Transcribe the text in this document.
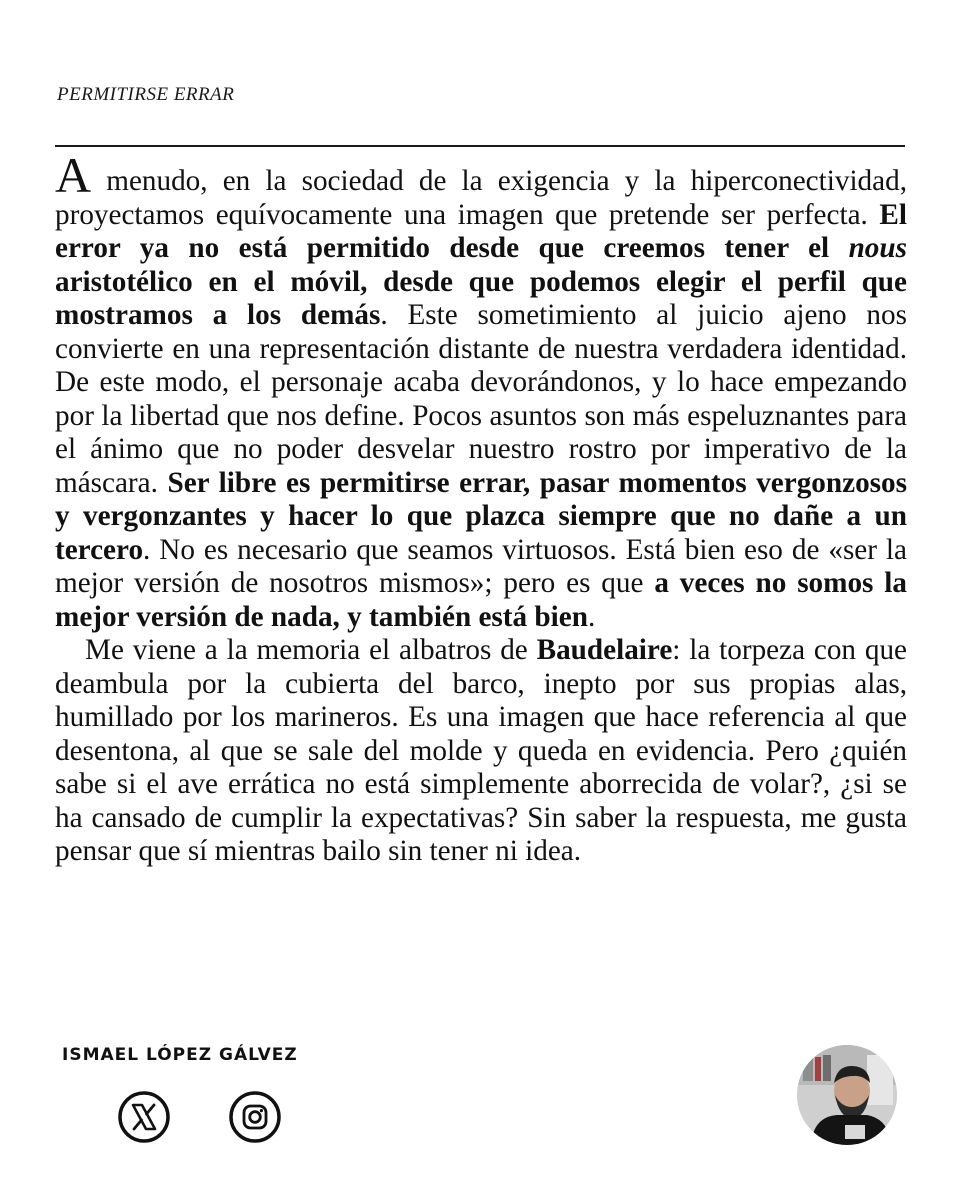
PERMITIRSE ERRAR

A menudo, en la sociedad de la exigencia y la hiperconectividad, proyectamos equívocamente una imagen que pretende ser perfecta. El error ya no está permitido desde que creemos tener el nous aristotélico en el móvil, desde que podemos elegir el perfil que mostramos a los demás. Este sometimiento al juicio ajeno nos convierte en una representación distante de nuestra verdadera identidad. De este modo, el personaje acaba devorándonos, y lo hace empezando por la libertad que nos define. Pocos asuntos son más espeluznantes para el ánimo que no poder desvelar nuestro rostro por imperativo de la máscara. Ser libre es permitirse errar, pasar momentos vergonzosos y vergonzantes y hacer lo que plazca siempre que no dañe a un tercero. No es necesario que seamos virtuosos. Está bien eso de «ser la mejor versión de nosotros mismos»; pero es que a veces no somos la mejor versión de nada, y también está bien.

Me viene a la memoria el albatros de Baudelaire: la torpeza con que deambula por la cubierta del barco, inepto por sus propias alas, humillado por los marineros. Es una imagen que hace referencia al que desentona, al que se sale del molde y queda en evidencia. Pero ¿quién sabe si el ave errática no está simplemente aborrecida de volar?, ¿si se ha cansado de cumplir la expectativas? Sin saber la respuesta, me gusta pensar que sí mientras bailo sin tener ni idea.

ISMAEL LÓPEZ GÁLVEZ
